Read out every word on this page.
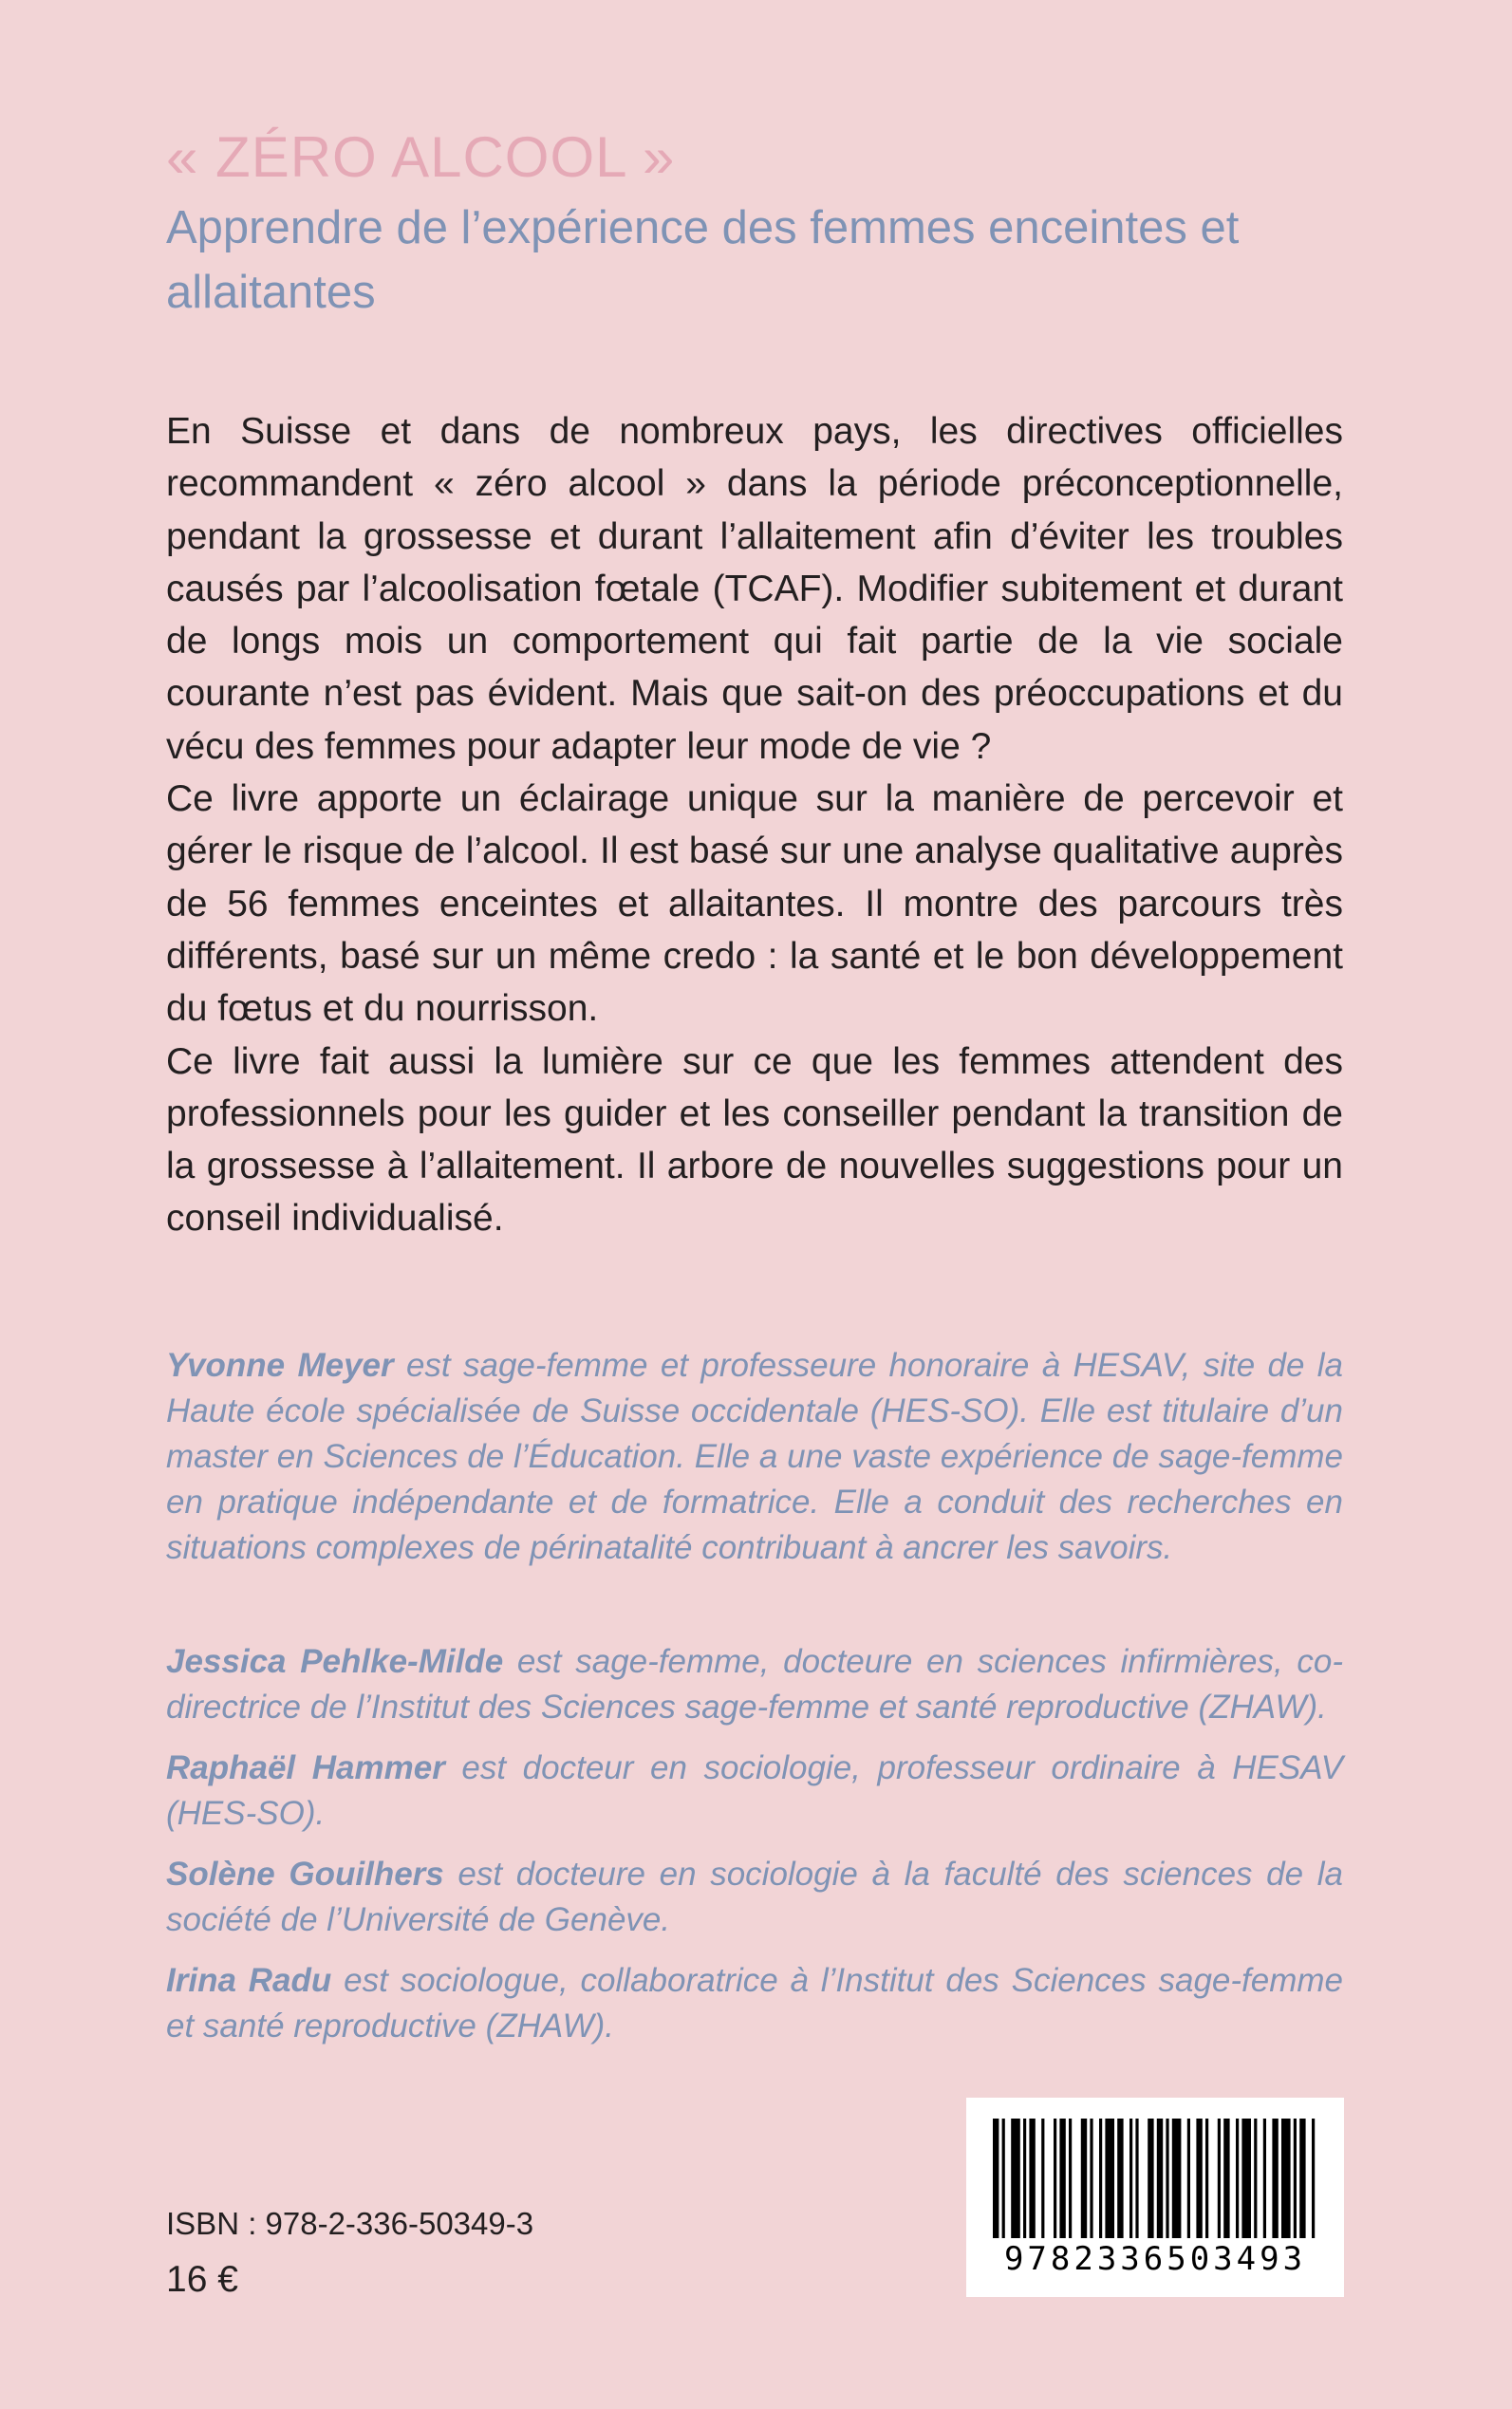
« ZÉRO ALCOOL »
Apprendre de l’expérience des femmes enceintes et allaitantes

En Suisse et dans de nombreux pays, les directives officielles recommandent « zéro alcool » dans la période préconceptionnelle, pendant la grossesse et durant l’allaitement afin d’éviter les troubles causés par l’alcoolisation fœtale (TCAF). Modifier subitement et durant de longs mois un comportement qui fait partie de la vie sociale courante n’est pas évident. Mais que sait-on des préoccupations et du vécu des femmes pour adapter leur mode de vie ?

Ce livre apporte un éclairage unique sur la manière de percevoir et gérer le risque de l’alcool. Il est basé sur une analyse qualitative auprès de 56 femmes enceintes et allaitantes. Il montre des parcours très différents, basé sur un même credo : la santé et le bon développement du fœtus et du nourrisson.

Ce livre fait aussi la lumière sur ce que les femmes attendent des professionnels pour les guider et les conseiller pendant la transition de la grossesse à l’allaitement. Il arbore de nouvelles suggestions pour un conseil individualisé.

Yvonne Meyer est sage-femme et professeure honoraire à HESAV, site de la Haute école spécialisée de Suisse occidentale (HES-SO). Elle est titulaire d’un master en Sciences de l’Éducation. Elle a une vaste expérience de sage-femme en pratique indépendante et de formatrice. Elle a conduit des recherches en situations complexes de périnatalité contribuant à ancrer les savoirs.

Jessica Pehlke-Milde est sage-femme, docteure en sciences infirmières, co-directrice de l’Institut des Sciences sage-femme et santé reproductive (ZHAW).

Raphaël Hammer est docteur en sociologie, professeur ordinaire à HESAV (HES-SO).

Solène Gouilhers est docteure en sociologie à la faculté des sciences de la société de l’Université de Genève.

Irina Radu est sociologue, collaboratrice à l’Institut des Sciences sage-femme et santé reproductive (ZHAW).

ISBN : 978-2-336-50349-3
16 €	9782336503493
